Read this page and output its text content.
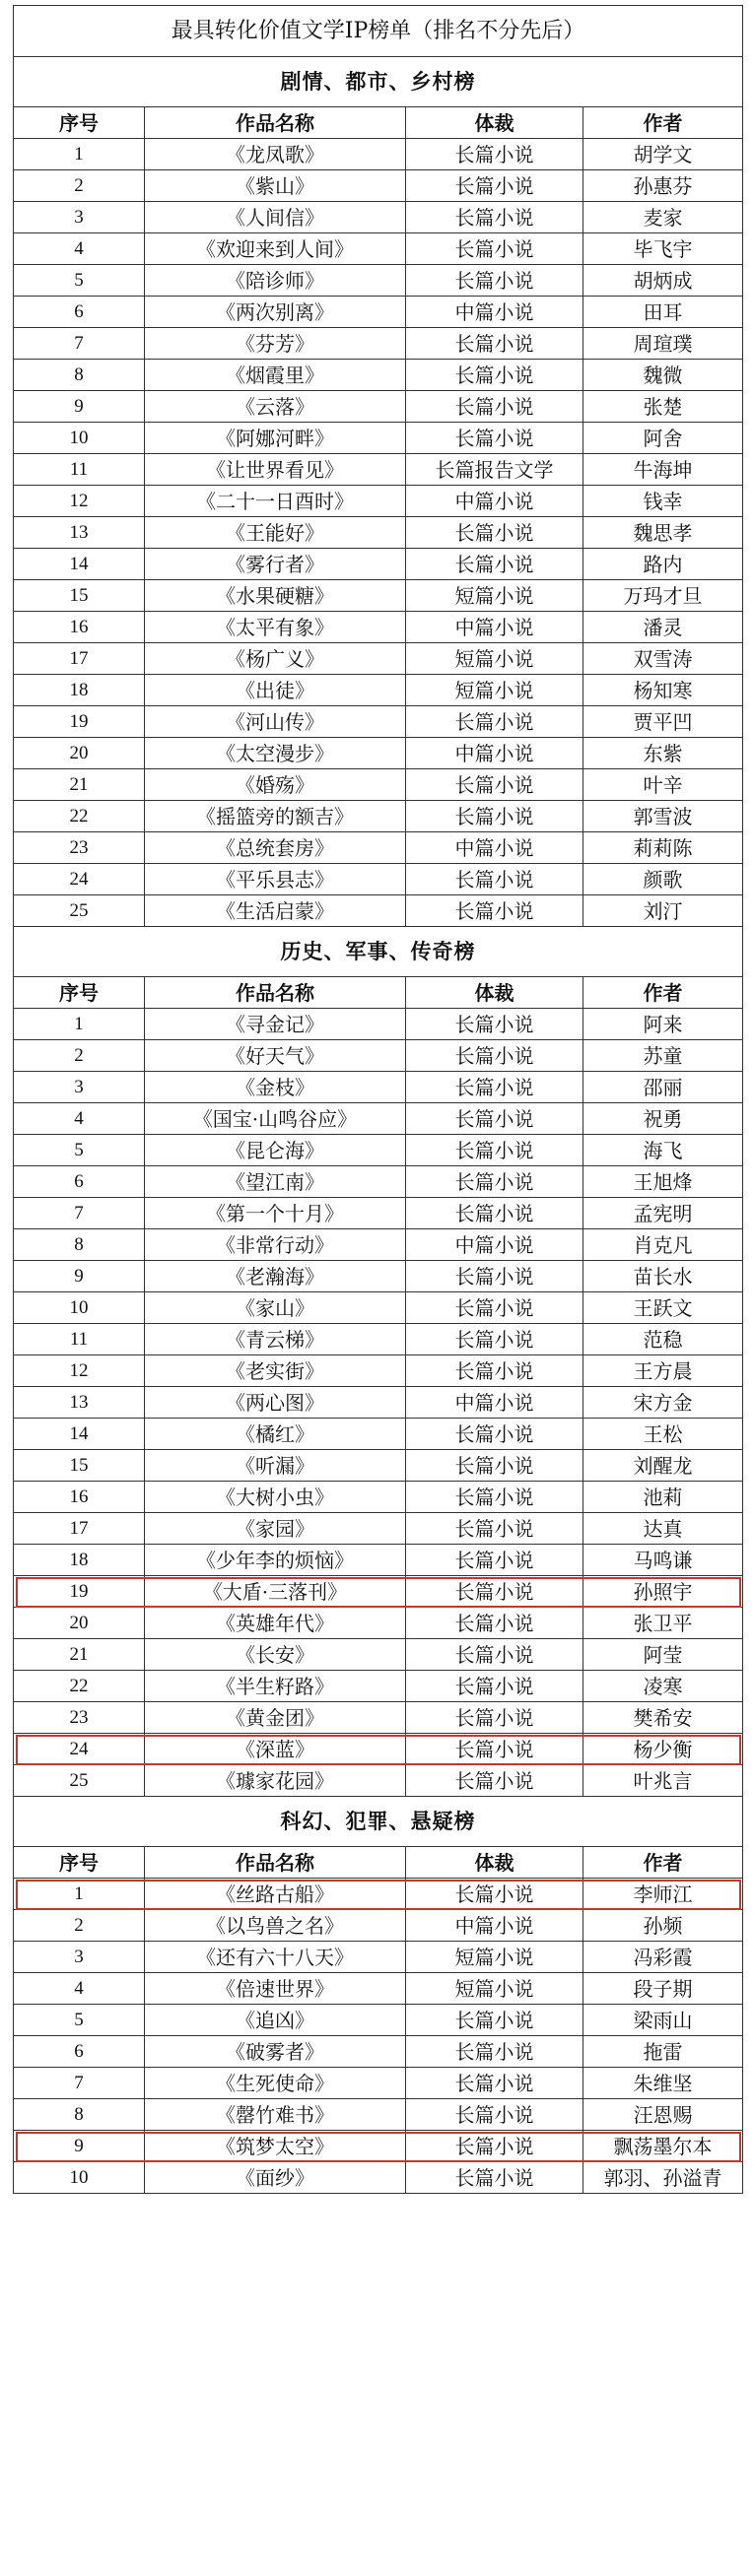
最具转化价值文学IP榜单（排名不分先后）			
剧情、都市、乡村榜			
序号	作品名称	体裁	作者
1	《龙凤歌》	长篇小说	胡学文
2	《紫山》	长篇小说	孙惠芬
3	《人间信》	长篇小说	麦家
4	《欢迎来到人间》	长篇小说	毕飞宇
5	《陪诊师》	长篇小说	胡炳成
6	《两次别离》	中篇小说	田耳
7	《芬芳》	长篇小说	周瑄璞
8	《烟霞里》	长篇小说	魏微
9	《云落》	长篇小说	张楚
10	《阿娜河畔》	长篇小说	阿舍
11	《让世界看见》	长篇报告文学	牛海坤
12	《二十一日酉时》	中篇小说	钱幸
13	《王能好》	长篇小说	魏思孝
14	《雾行者》	长篇小说	路内
15	《水果硬糖》	短篇小说	万玛才旦
16	《太平有象》	中篇小说	潘灵
17	《杨广义》	短篇小说	双雪涛
18	《出徒》	短篇小说	杨知寒
19	《河山传》	长篇小说	贾平凹
20	《太空漫步》	中篇小说	东紫
21	《婚殇》	长篇小说	叶辛
22	《摇篮旁的额吉》	长篇小说	郭雪波
23	《总统套房》	中篇小说	莉莉陈
24	《平乐县志》	长篇小说	颜歌
25	《生活启蒙》	长篇小说	刘汀
历史、军事、传奇榜			
序号	作品名称	体裁	作者
1	《寻金记》	长篇小说	阿来
2	《好天气》	长篇小说	苏童
3	《金枝》	长篇小说	邵丽
4	《国宝·山鸣谷应》	长篇小说	祝勇
5	《昆仑海》	长篇小说	海飞
6	《望江南》	长篇小说	王旭烽
7	《第一个十月》	长篇小说	孟宪明
8	《非常行动》	中篇小说	肖克凡
9	《老瀚海》	长篇小说	苗长水
10	《家山》	长篇小说	王跃文
11	《青云梯》	长篇小说	范稳
12	《老实街》	长篇小说	王方晨
13	《两心图》	中篇小说	宋方金
14	《橘红》	长篇小说	王松
15	《听漏》	长篇小说	刘醒龙
16	《大树小虫》	长篇小说	池莉
17	《家园》	长篇小说	达真
18	《少年李的烦恼》	长篇小说	马鸣谦
19	《大盾·三落刊》	长篇小说	孙照宇
20	《英雄年代》	长篇小说	张卫平
21	《长安》	长篇小说	阿莹
22	《半生籽路》	长篇小说	凌寒
23	《黄金团》	长篇小说	樊希安
24	《深蓝》	长篇小说	杨少衡
25	《璩家花园》	长篇小说	叶兆言
科幻、犯罪、悬疑榜			
序号	作品名称	体裁	作者
1	《丝路古船》	长篇小说	李师江
2	《以鸟兽之名》	中篇小说	孙频
3	《还有六十八天》	短篇小说	冯彩霞
4	《倍速世界》	短篇小说	段子期
5	《追凶》	长篇小说	梁雨山
6	《破雾者》	长篇小说	拖雷
7	《生死使命》	长篇小说	朱维坚
8	《罄竹难书》	长篇小说	汪恩赐
9	《筑梦太空》	长篇小说	飘荡墨尔本
10	《面纱》	长篇小说	郭羽、孙溢青
